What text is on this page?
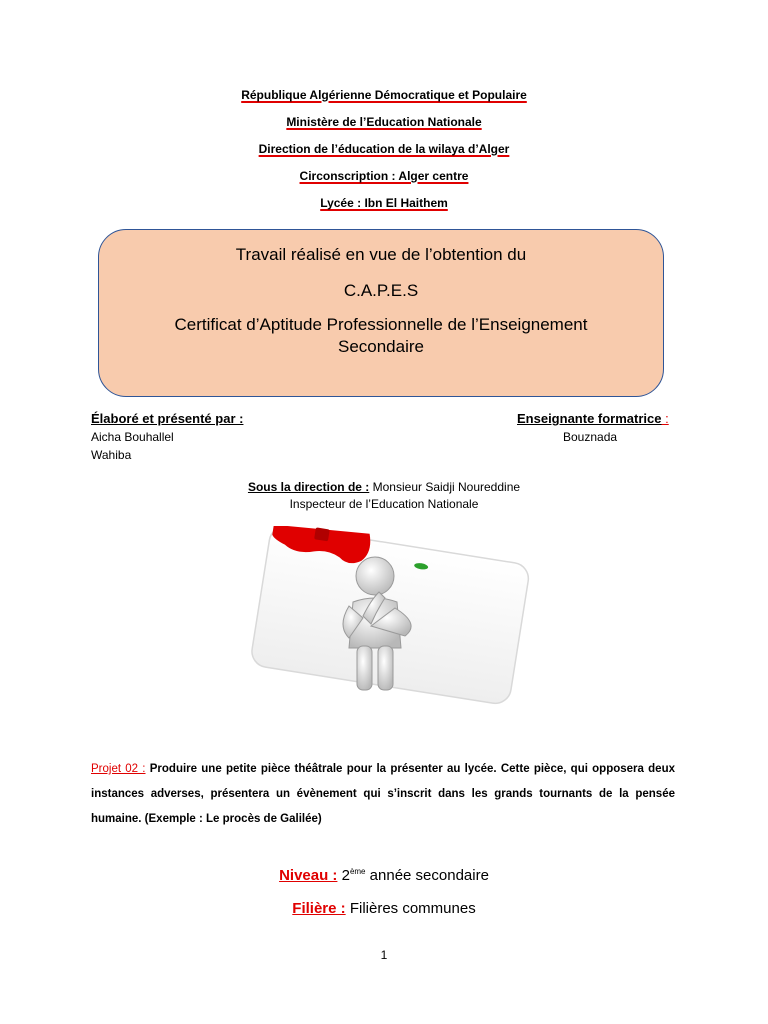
République Algérienne Démocratique et Populaire
Ministère de l’Education Nationale
Direction de l’éducation de la wilaya d’Alger
Circonscription : Alger centre
Lycée : Ibn El Haithem

Travail réalisé en vue de l’obtention du

C.A.P.E.S

Certificat d’Aptitude Professionnelle de l’Enseignement

Secondaire

Élaboré et présenté par :
Aicha Bouhallel
Wahiba
Enseignante formatrice :
Bouznada
Sous la direction de : Monsieur Saidji Noureddine
Inspecteur de l’Education Nationale
Projet 02 : Produire une petite pièce théâtrale pour la présenter au lycée. Cette pièce, qui opposera deux instances adverses, présentera un évènement qui s’inscrit dans les grands tournants de la pensée humaine. (Exemple : Le procès de Galilée)
Niveau : 2ème année secondaire
Filière : Filières communes
1
